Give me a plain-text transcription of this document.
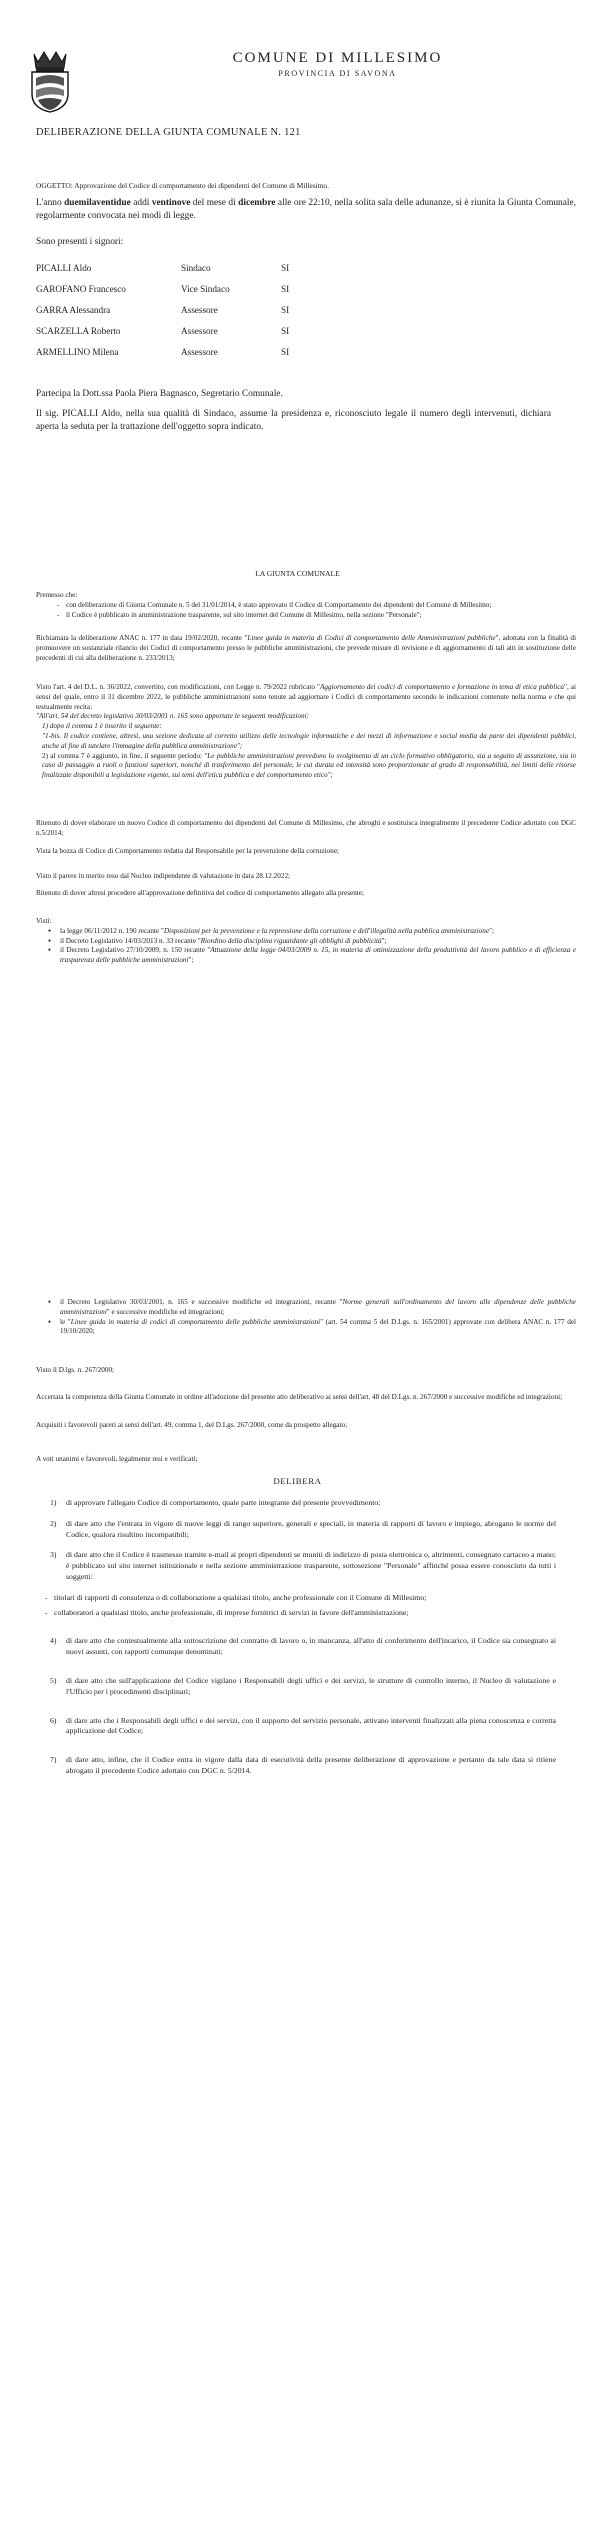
COMUNE DI MILLESIMO
PROVINCIA DI SAVONA
DELIBERAZIONE DELLA GIUNTA COMUNALE N. 121
OGGETTO: Approvazione del Codice di comportamento dei dipendenti del Comune di Millesimo.
L'anno duemilaventidue addì ventinove del mese di dicembre alle ore 22:10, nella solita sala delle adunanze, si è riunita la Giunta Comunale, regolarmente convocata nei modi di legge.
Sono presenti i signori:
PICALLI Aldo	Sindaco	SI
GAROFANO Francesco	Vice Sindaco	SI
GARRA Alessandra	Assessore	SI
SCARZELLA Roberto	Assessore	SI
ARMELLINO Milena	Assessore	SI
Partecipa la Dott.ssa Paola Piera Bagnasco, Segretario Comunale.
Il sig. PICALLI Aldo, nella sua qualità di Sindaco, assume la presidenza e, riconosciuto legale il numero degli intervenuti, dichiara aperta la seduta per la trattazione dell'oggetto sopra indicato.
LA GIUNTA COMUNALE
Premesso che:
- con deliberazione di Giunta Comunale n. 5 del 31/01/2014, è stato approvato il Codice di Comportamento dei dipendenti del Comune di Millesimo;
- il Codice è pubblicato in amministrazione trasparente, sul sito internet del Comune di Millesimo, nella sezione "Personale";
Richiamata la deliberazione ANAC n. 177 in data 19/02/2020, recante "Linee guida in materia di Codici di comportamento delle Amministrazioni pubbliche", adottata con la finalità di promuovere un sostanziale rilancio dei Codici di comportamento presso le pubbliche amministrazioni, che prevede misure di revisione e di aggiornamento di tali atti in sostituzione delle precedenti di cui alla deliberazione n. 233/2013;
Visto l'art. 4 del D.L. n. 36/2022, convertito, con modificazioni, con Legge n. 79/2022 rubricato "Aggiornamento dei codici di comportamento e formazione in tema di etica pubblica", ai sensi del quale, entro il 31 dicembre 2022, le pubbliche amministrazioni sono tenute ad aggiornare i Codici di comportamento secondo le indicazioni contenute nella norma e che qui testualmente recita:
"All'art. 54 del decreto legislativo 30/03/2001 n. 165 sono apportate le seguenti modificazioni:
1) dopo il comma 1 è inserito il seguente:
"1-bis. Il codice contiene, altresì, una sezione dedicata al corretto utilizzo delle tecnologie informatiche e dei mezzi di informazione e social media da parte dei dipendenti pubblici, anche al fine di tutelare l'immagine della pubblica amministrazione";
2) al comma 7 è aggiunto, in fine, il seguente periodo: "Le pubbliche amministrazioni prevedono lo svolgimento di un ciclo formativo obbligatorio, sia a seguito di assunzione, sia in caso di passaggio a ruoli o funzioni superiori, nonché di trasferimento del personale, le cui durata ed intensità sono proporzionate al grado di responsabilità, nei limiti delle risorse finalizzate disponibili a legislazione vigente, sui temi dell'etica pubblica e del comportamento etico";
Ritenuto di dover elaborare un nuovo Codice di comportamento dei dipendenti del Comune di Millesimo, che abroghi e sostituisca integralmente il precedente Codice adottato con DGC n.5/2014;
Vista la bozza di Codice di Comportamento redatta dal Responsabile per la prevenzione della corruzione;
Visto il parere in merito reso dal Nucleo indipendente di valutazione in data 28.12.2022;
Ritenuto di dover altresì procedere all'approvazione definitiva del codice di comportamento allegato alla presente;
Visti:
● la legge 06/11/2012 n. 190 recante "Disposizioni per la prevenzione e la repressione della corruzione e dell'illegalità nella pubblica amministrazione";
● il Decreto Legislativo 14/03/2013 n. 33 recante "Riordino della disciplina riguardante gli obblighi di pubblicità";
● il Decreto Legislativo 27/10/2009, n. 150 recante "Attuazione della legge 04/03/2009 n. 15, in materia di ottimizzazione della produttività del lavoro pubblico e di efficienza e trasparenza delle pubbliche amministrazioni";
● il Decreto Legislativo 30/03/2001, n. 165 e successive modifiche ed integrazioni, recante "Norme generali sull'ordinamento del lavoro alle dipendenze delle pubbliche amministrazioni" e successive modifiche ed integrazioni;
● le "Linee guida in materia di codici di comportamento delle pubbliche amministrazioni" (art. 54 comma 5 del D.Lgs. n. 165/2001) approvate con delibera ANAC n. 177 del 19/10/2020;
Visto il D.lgs. n. 267/2000;
Accertata la competenza della Giunta Comunale in ordine all'adozione del presente atto deliberativo ai sensi dell'art. 48 del D.Lgs. n. 267/2000 e successive modifiche ed integrazioni;
Acquisiti i favorevoli pareri ai sensi dell'art. 49, comma 1, del D.Lgs. 267/2000, come da prospetto allegato;
A voti unanimi e favorevoli, legalmente resi e verificati;
DELIBERA
1) di approvare l'allegato Codice di comportamento, quale parte integrante del presente provvedimento;
2) di dare atto che l'entrata in vigore di nuove leggi di rango superiore, generali e speciali, in materia di rapporti di lavoro e impiego, abrogano le norme del Codice, qualora risultino incompatibili;
3) di dare atto che il Codice è trasmesso tramite e-mail ai propri dipendenti se muniti di indirizzo di posta elettronica o, altrimenti, consegnato cartaceo a mano; è pubblicato sul sito internet istituzionale e nella sezione amministrazione trasparente, sottosezione "Personale" affinché possa essere conosciuto da tutti i soggetti:
- titolari di rapporti di consulenza o di collaborazione a qualsiasi titolo, anche professionale con il Comune di Millesimo;
- collaboratori a qualsiasi titolo, anche professionale, di imprese fornitrici di servizi in favore dell'amministrazione;
4) di dare atto che contestualmente alla sottoscrizione del contratto di lavoro o, in mancanza, all'atto di conferimento dell'incarico, il Codice sia consegnato ai nuovi assunti, con rapporti comunque denominati;
5) di dare atto che sull'applicazione del Codice vigilano i Responsabili degli uffici e dei servizi, le strutture di controllo interno, il Nucleo di valutazione e l'Ufficio per i procedimenti disciplinari;
6) di dare atto che i Responsabili degli uffici e dei servizi, con il supporto del servizio personale, attivano interventi finalizzati alla piena conoscenza e corretta applicazione del Codice;
7) di dare atto, infine, che il Codice entra in vigore dalla data di esecutività della presente deliberazione di approvazione e pertanto da tale data si ritiene abrogato il precedente Codice adottato con DGC n. 5/2014.
